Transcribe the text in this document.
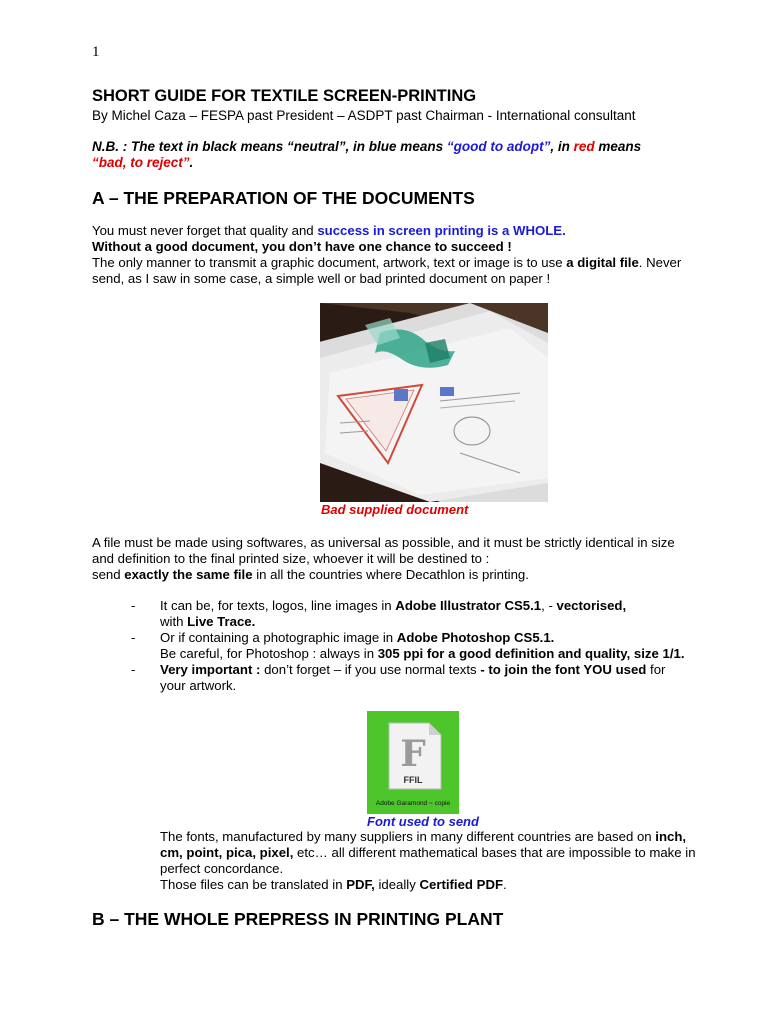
1
SHORT GUIDE FOR TEXTILE SCREEN-PRINTING
By Michel Caza – FESPA past President – ASDPT past Chairman - International consultant
N.B. : The text in black means “neutral”, in blue means “good to adopt”, in red means
“bad, to reject”.
A – THE PREPARATION OF THE DOCUMENTS

You must never forget that quality and success in screen printing is a WHOLE.

Without a good document, you don’t have one chance to succeed !

The only manner to transmit a graphic document, artwork, text or image is to use a digital file. Never send, as I saw in some case, a simple well or bad printed document on paper !

Bad supplied document

A file must be made using softwares, as universal as possible, and it must be strictly identical in size and definition to the final printed size, whoever it will be destined to :

send exactly the same file in all the countries where Decathlon is printing.

-	It can be, for texts, logos, line images in Adobe Illustrator CS5.1, - vectorised,
with Live Trace.
-	Or if containing a photographic image in Adobe Photoshop CS5.1.
Be careful, for Photoshop : always in 305 ppi for a good definition and quality, size 1/1.
-	Very important : don’t forget – if you use normal texts - to join the font YOU used for your artwork.
F
FFIL
Adobe Garamond ~ copie
Font used to send

The fonts, manufactured by many suppliers in many different countries are based on inch, cm, point, pica, pixel, etc… all different mathematical bases that are impossible to make in perfect concordance.

Those files can be translated in PDF, ideally Certified PDF.

B – THE WHOLE PREPRESS IN PRINTING PLANT
